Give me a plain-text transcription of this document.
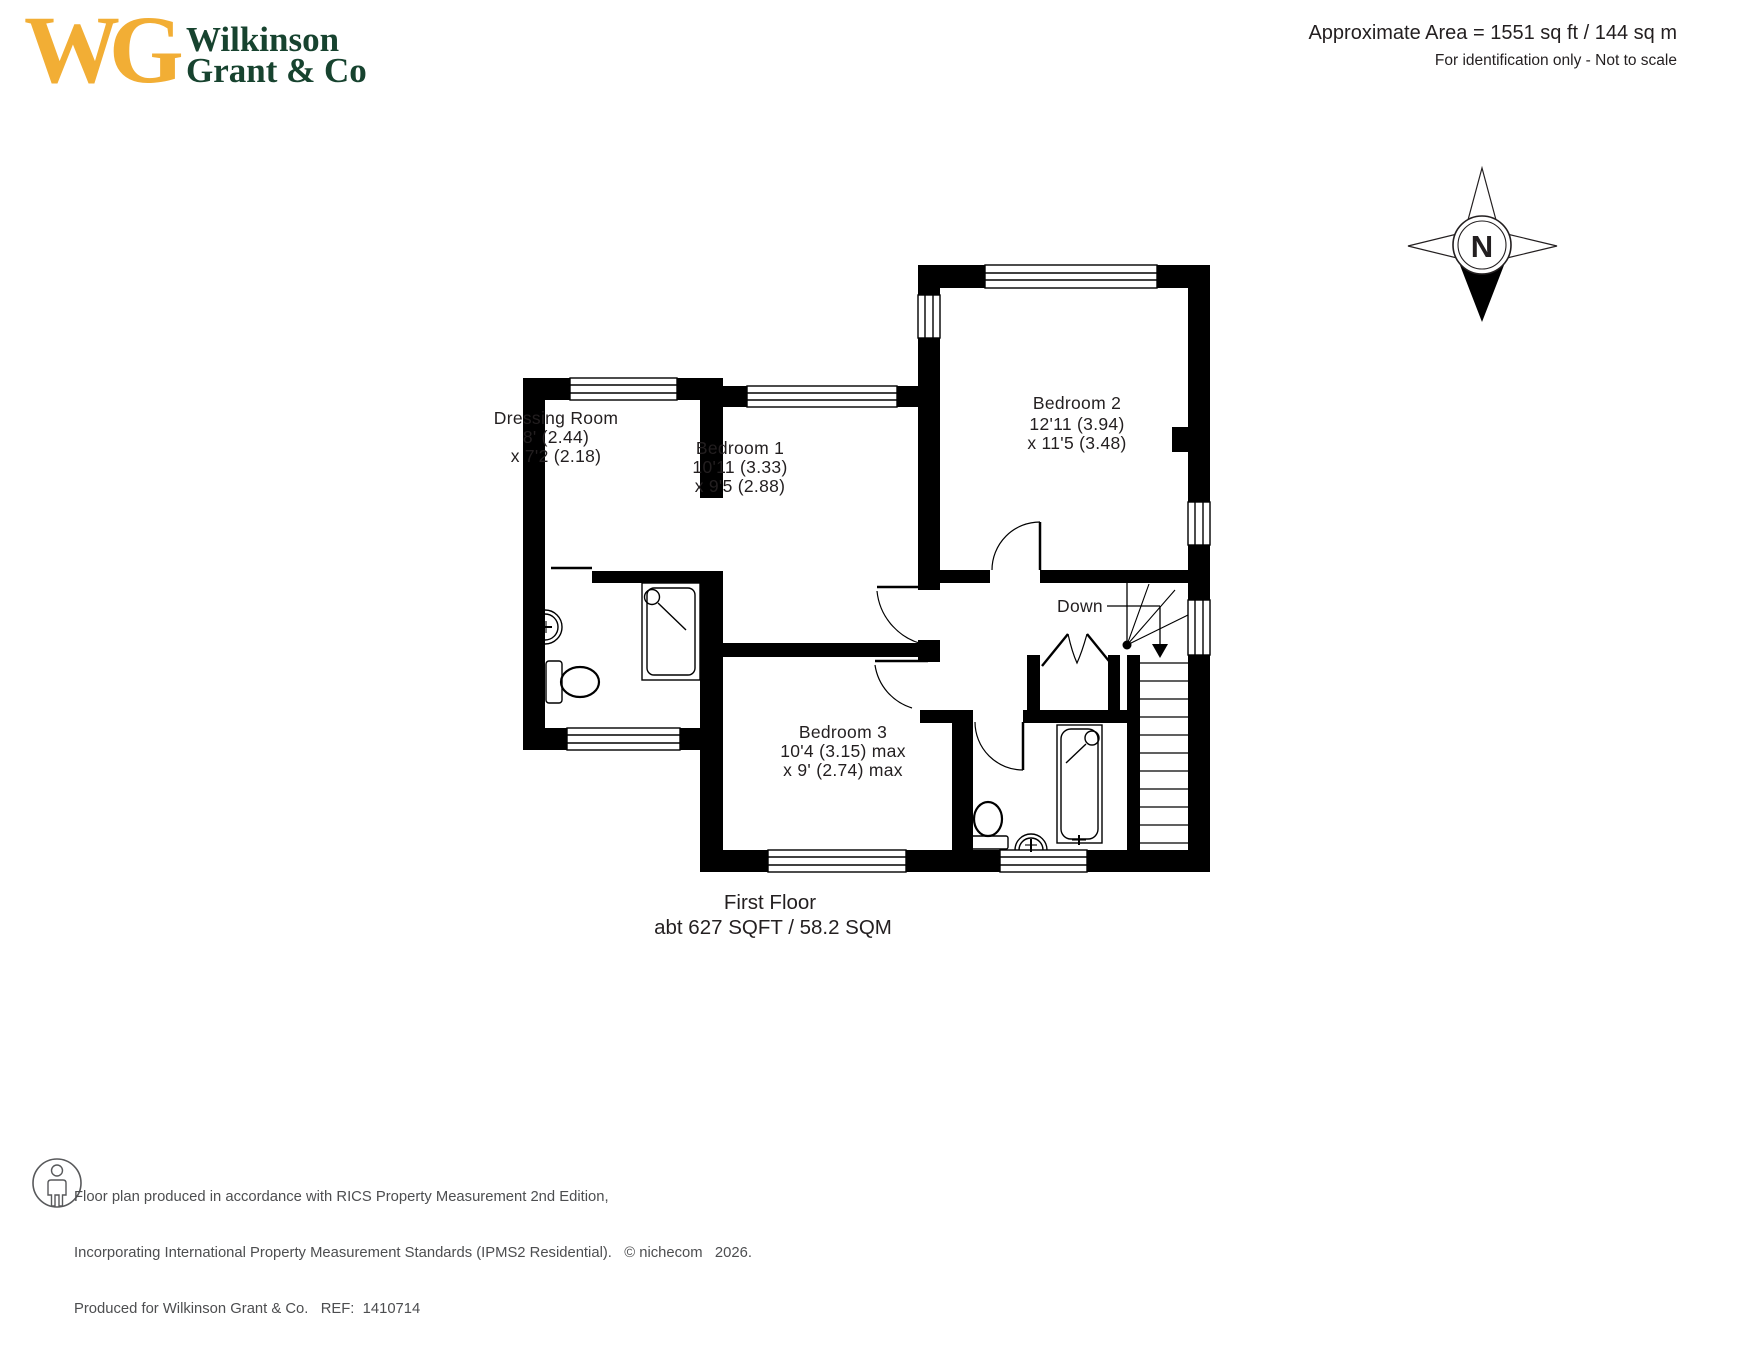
WG Wilkinson
Grant & Co
Approximate Area = 1551 sq ft / 144 sq m
For identification only - Not to scale
N
Dressing Room
8' (2.44)
x 7'2 (2.18)	Bedroom 1
10'11 (3.33)
x 9'5 (2.88)
Bedroom 2
12'11 (3.94)
x 11'5 (3.48)
Bedroom 3
10'4 (3.15) max
x 9' (2.74) max
Down
First Floor
abt 627 SQFT / 58.2 SQM

Floor plan produced in accordance with RICS Property Measurement 2nd Edition,

Incorporating International Property Measurement Standards (IPMS2 Residential).   © nichecom   2026.

Produced for Wilkinson Grant & Co.   REF:  1410714
